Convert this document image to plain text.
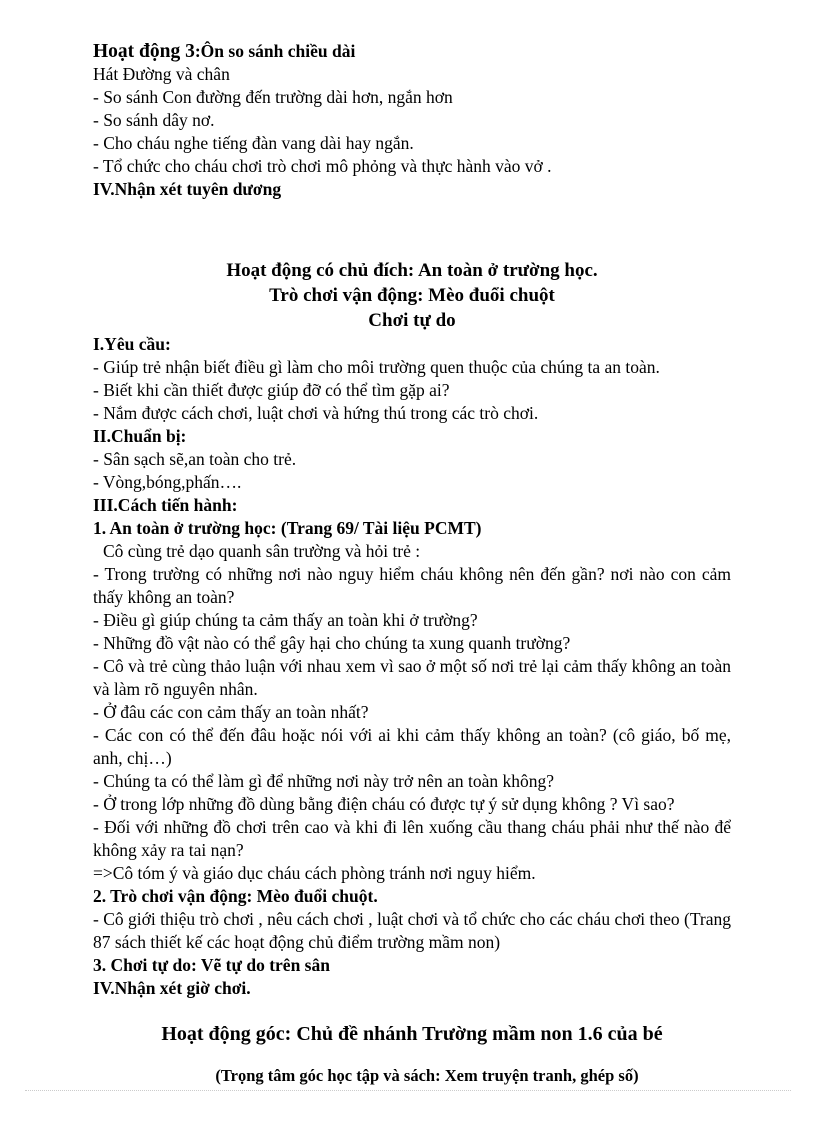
Hoạt động 3:Ôn so sánh chiều dài

Hát Đường và chân

- So sánh Con đường đến trường dài hơn, ngắn hơn

- So sánh dây nơ.

- Cho cháu nghe tiếng đàn vang dài hay ngắn.

- Tổ chức cho cháu chơi trò chơi mô phỏng và thực hành vào vở .

IV.Nhận xét tuyên dương

Hoạt động có chủ đích: An toàn ở trường học.

Trò chơi vận động: Mèo đuổi chuột

Chơi tự do

I.Yêu cầu:

- Giúp trẻ nhận biết điều gì làm cho môi trường quen thuộc của chúng ta an toàn.

- Biết khi cần thiết được giúp đỡ có thể tìm gặp ai?

- Nắm được cách chơi, luật chơi và hứng thú trong các trò chơi.

II.Chuẩn bị:

- Sân sạch sẽ,an toàn cho trẻ.

- Vòng,bóng,phấn….

III.Cách tiến hành:

1. An toàn ở trường học: (Trang 69/ Tài liệu PCMT)

Cô cùng trẻ dạo quanh sân trường và hỏi trẻ :

- Trong trường có những nơi nào nguy hiểm cháu không nên đến gần? nơi nào con cảm thấy không an toàn?

- Điều gì giúp chúng ta cảm thấy an toàn khi ở trường?

- Những đồ vật nào có thể gây hại cho chúng ta xung quanh trường?

- Cô và trẻ cùng thảo luận với nhau xem vì sao ở một số nơi trẻ lại cảm thấy không an toàn và làm rõ nguyên nhân.

- Ở đâu các con cảm thấy an toàn nhất?

- Các con có thể đến đâu hoặc nói với ai khi cảm thấy không an toàn? (cô giáo, bố mẹ, anh, chị…)

- Chúng ta có thể làm gì để những nơi này trở nên an toàn không?

- Ở trong lớp những đồ dùng bằng điện cháu có được tự ý sử dụng không ? Vì sao?

- Đối với những đồ chơi trên cao và khi đi lên xuống cầu thang cháu phải như thế nào để không xảy ra tai nạn?

=>Cô tóm ý và giáo dục cháu cách phòng tránh nơi nguy hiểm.

2. Trò chơi vận động: Mèo đuổi chuột.

- Cô giới thiệu trò chơi , nêu cách chơi , luật chơi và tổ chức cho các cháu chơi theo (Trang 87 sách thiết kế các hoạt động chủ điểm trường mầm non)

3. Chơi tự do: Vẽ tự do trên sân

IV.Nhận xét giờ chơi.

Hoạt động góc: Chủ đề nhánh Trường mầm non 1.6 của bé

(Trọng tâm góc học tập và sách: Xem truyện tranh, ghép số)
